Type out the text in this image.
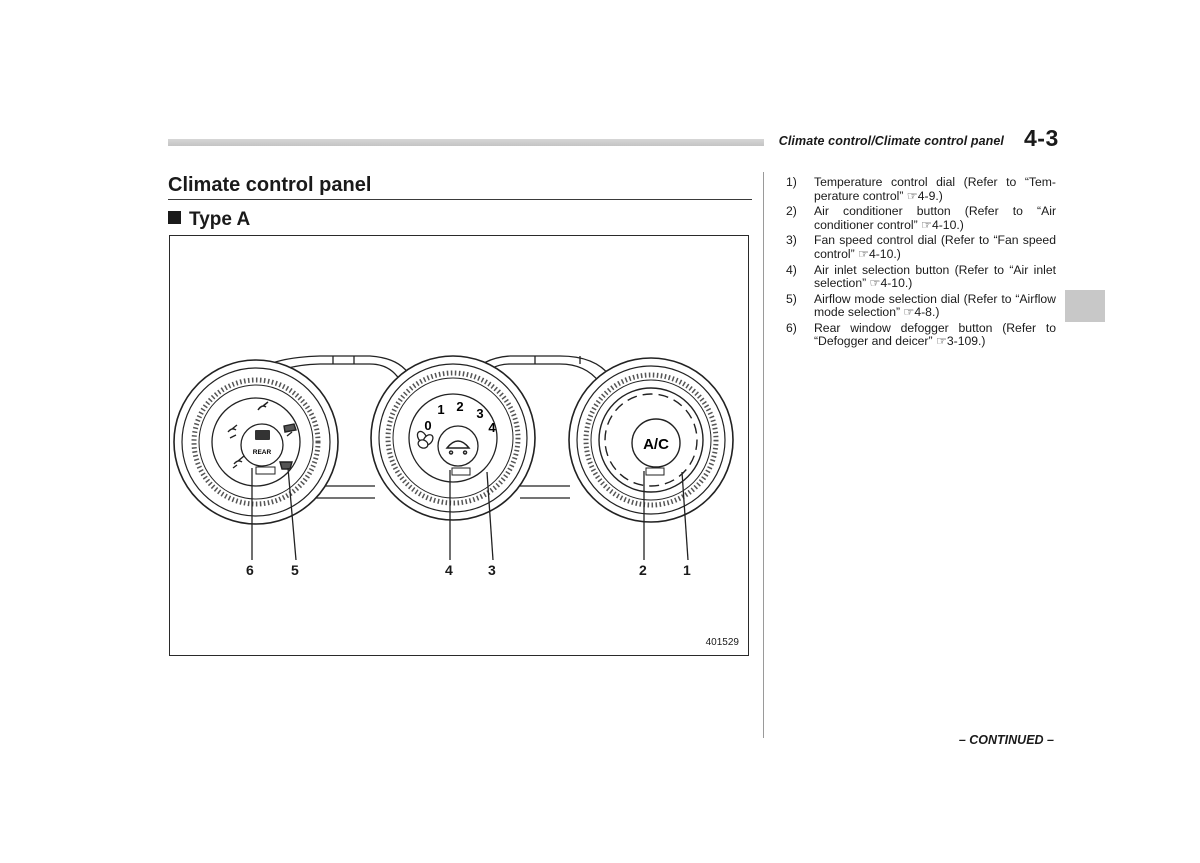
Climate control/Climate control panel 4-3
Climate control panel
Type A
REAR
0
1 2 3
4
A/C
6	5	4	3	2	1
401529
1)	Temperature control dial (Refer to “Tem-perature control” ☞4-9.)
2)	Air conditioner button (Refer to “Air conditioner control” ☞4-10.)
3)	Fan speed control dial (Refer to “Fan speed control” ☞4-10.)
4)	Air inlet selection button (Refer to “Air inlet selection” ☞4-10.)
5)	Airflow mode selection dial (Refer to “Airflow mode selection” ☞4-8.)
6)	Rear window defogger button (Refer to “Defogger and deicer” ☞3-109.)
– CONTINUED –
